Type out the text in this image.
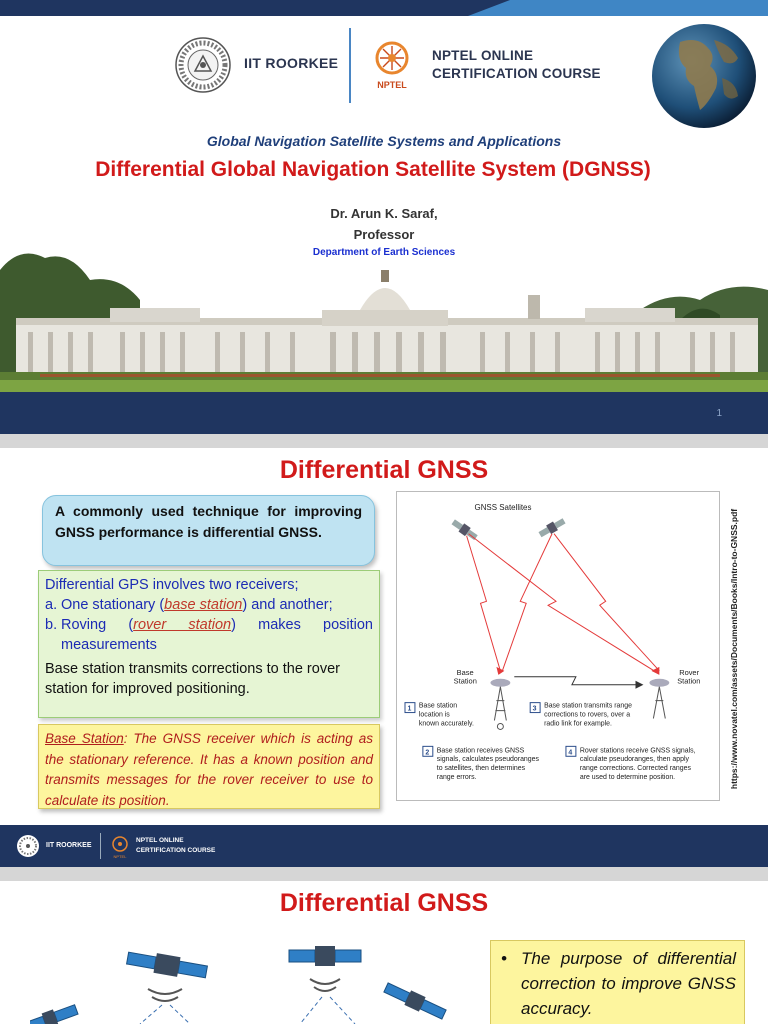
IIT ROORKEE
NPTEL
NPTEL ONLINE
CERTIFICATION COURSE
Global Navigation Satellite Systems and Applications
Differential Global Navigation Satellite System (DGNSS)
Dr. Arun K. Saraf,
Professor
Department of Earth Sciences
1
Differential GNSS
A commonly used technique for improving GNSS performance is differential GNSS.
Differential GPS involves two receivers;
a. One stationary (base station) and another;
b. Roving (rover station) makes position measurements
Base station transmits corrections to the rover station for improved positioning.
Base Station: The GNSS receiver which is acting as the stationary reference. It has a known position and transmits messages for the rover receiver to use to calculate its position.
GNSS Satellites
Base
Station
Rover
Station
1 Base station
location is
known accurately.
3 Base station transmits range
corrections to rovers, over a
radio link for example.
2 Base station receives GNSS
signals, calculates pseudoranges
to satellites, then determines
range errors.
4 Rover stations receive GNSS signals,
calculate pseudoranges, then apply
range corrections. Corrected ranges
are used to determine position.	https://www.novatel.com/assets/Documents/Books/Intro-to-GNSS.pdf
IIT ROORKEE
NPTEL
NPTEL ONLINE
CERTIFICATION COURSE
Differential GNSS
• The purpose of differential correction to improve GNSS accuracy.
